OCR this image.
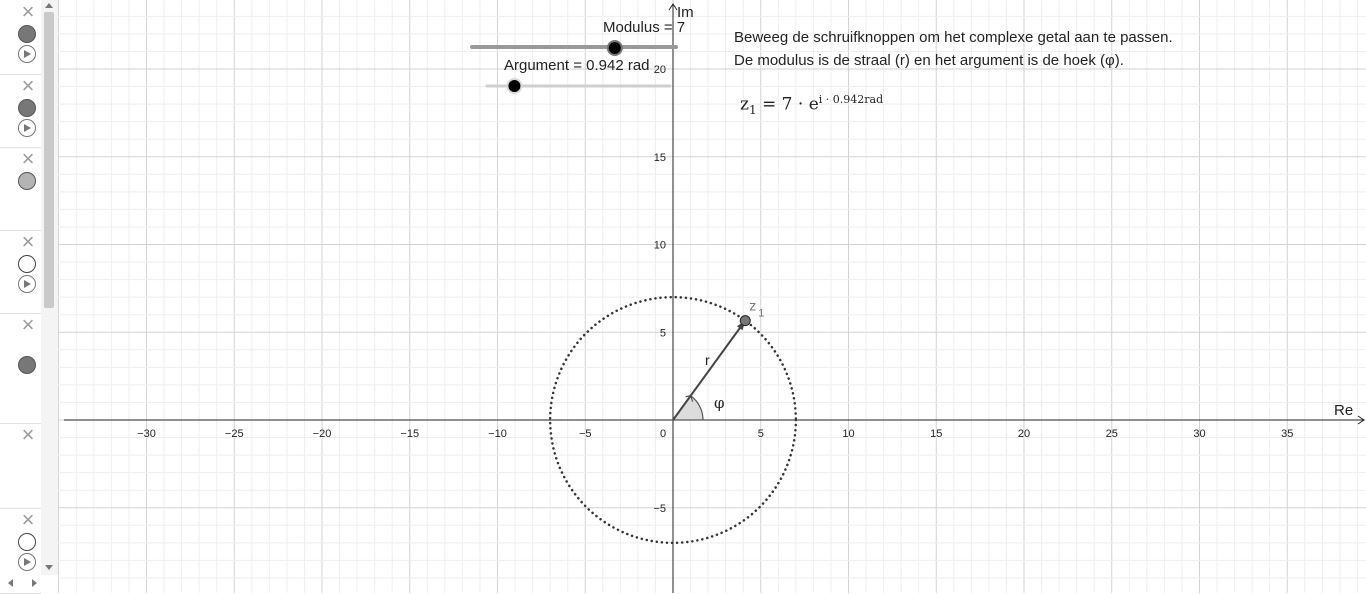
×
×
×
×
×
×
×
−30	−25	−20	−15	−10	−5	0	5	10	15	20	25	30	35
−5
5
10
15
20
Re
Im
φ
r
z 1
Modulus = 7
Argument = 0.942 rad
Beweeg de schruifknoppen om het complexe getal aan te passen.
De modulus is de straal (r) en het argument is de hoek (φ).
$z_1 = 7 \cdot e^{i \cdot 0.942rad}$
